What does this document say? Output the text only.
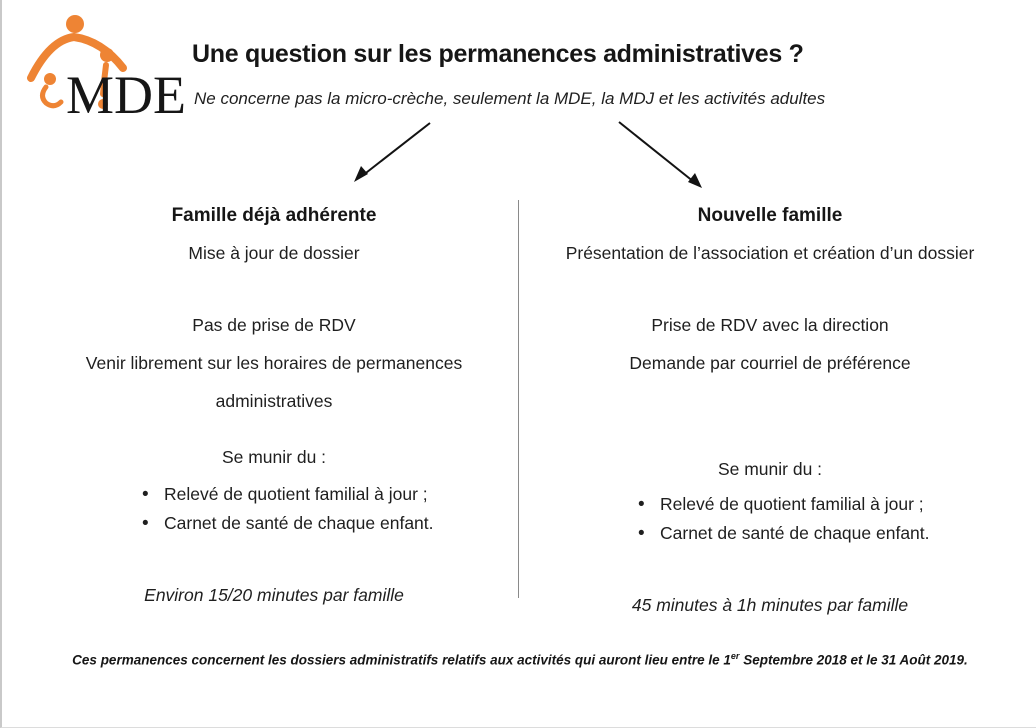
MDE
Une question sur les permanences administratives ?
Ne concerne pas la micro-crèche, seulement la MDE, la MDJ et les activités adultes
Famille déjà adhérente
Mise à jour de dossier
Pas de prise de RDV
Venir librement sur les horaires de permanences administratives
Se munir du :
• Relevé de quotient familial à jour ;
• Carnet de santé de chaque enfant.
Environ 15/20 minutes par famille
Nouvelle famille
Présentation de l’association et création d’un dossier
Prise de RDV avec la direction
Demande par courriel de préférence
Se munir du :
• Relevé de quotient familial à jour ;
• Carnet de santé de chaque enfant.
45 minutes à 1h minutes par famille
Ces permanences concernent les dossiers administratifs relatifs aux activités qui auront lieu entre le 1er Septembre 2018 et le 31 Août 2019.
